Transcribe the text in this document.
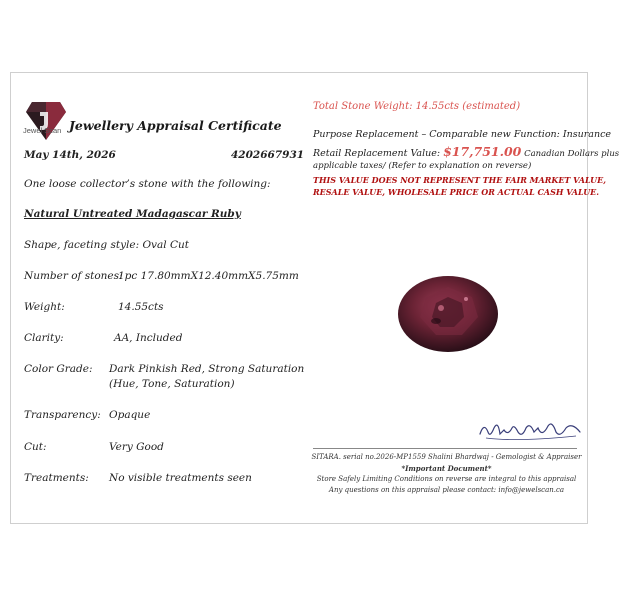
Jewel Scan Jewellery Appraisal Certificate
May 14th, 2026	4202667931
One loose collector’s stone with the following:
Natural Untreated Madagascar Ruby
Shape, faceting style: Oval Cut
Number of stones:
1pc 17.80mmX12.40mmX5.75mm
Weight:	14.55cts
Clarity:	AA, Included
Color Grade: Dark Pinkish Red, Strong Saturation
(Hue, Tone, Saturation)
Transparency: Opaque
Cut:	Very Good
Treatments: No visible treatments seen
Total Stone Weight: 14.55cts (estimated)
Purpose Replacement – Comparable new Function: Insurance
Retail Replacement Value: $17,751.00 Canadian Dollars plus
applicable taxes/ (Refer to explanation on reverse)
THIS VALUE DOES NOT REPRESENT THE FAIR MARKET VALUE,
RESALE VALUE, WHOLESALE PRICE OR ACTUAL CASH VALUE.
SITARA. serial no.2026-MP1559 Shalini Bhardwaj - Gemologist & Appraiser
*Important Document*
Store Safely Limiting Conditions on reverse are integral to this appraisal
Any questions on this appraisal please contact: info@jewelscan.ca
